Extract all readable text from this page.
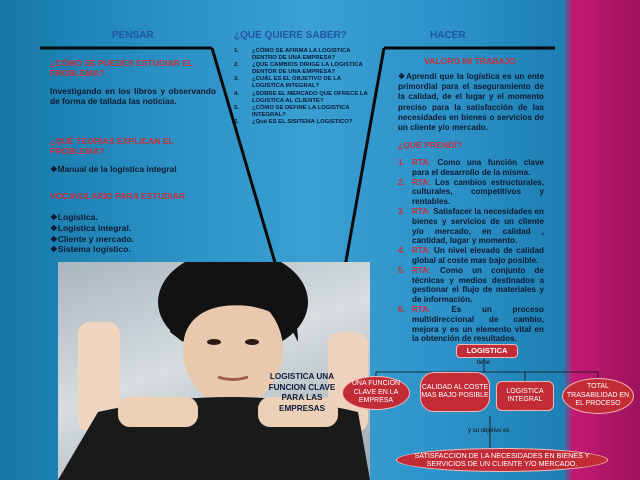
PENSAR	¿QUE QUIERE SABER?	HACER
¿CÓMO SE PUEDES ESTUDIAR EL PROBLEMA?
Investigando en los libros y observando de forma de tallada las noticias.
¿QUÉ TEORIAS EXPLICAN EL PROBLEMA?
❖Manual de la logística integral
VOCAVULARIO PARA ESTUDIAR
❖Logística.
❖Logística integral.
❖Cliente y mercado.
❖Sistema logístico.
1. ¿CÓMO SE AFIRMA LA LOGISTICA DENTRO DE UNA EMPRESA?
2. ¿QUE CAMBIOS DIRIGE LA LOGISTICA DENTOR DE UNA EMPRESA?
3. ¿CUÁL ES EL OBJETIVO DE LA LOGISTICA INTEGRAL?
4. ¿SOBRE EL MERCADO QUE OFRECE LA LOGISTICA AL CLIENTE?
5. ¿CÓMO SE DEFINE LA LOGISTICA INTEGRAL?
6. ¿Qué ES EL SISITEMA LOGISTICO?
LOGISTICA UNA FUNCION CLAVE PARA LAS EMPRESAS
VALORO MI TRABAJO
❖Aprendí que la logística es un ente primordial para el aseguramiento de la calidad, de el lugar y el momento preciso para la satisfacción de las necesidades en bienes o servicios de un cliente y/o mercado.
¿QUÉ PRENDÍ?
1. RTA: Como una función clave para el desarrollo de la misma.
2. RTA: Los cambios estructurales, culturales, competitivos y rentables.
3. RTA: Satisfacer la necesidades en bienes y servicios de un cliente y/o mercado, en calidad , cantidad, lugar y momento.
4. RTA: Un nivel elevado de calidad global al coste mas bajo posible.
5. RTA: Como un conjunto de técnicas y medios destinados a gestionar el flujo de materiales y de información.
6. RTA:	Es un proceso multidireccional de cambio, mejora y es un elemento vital en la obtención de resultados.
LOGISTICA
tiene
UNA FUNCION CLAVE EN LA EMPRESA
CALIDAD AL COSTE MAS BAJO POSIBLE
LOGISTICA INTEGRAL
TOTAL TRASABILIDAD EN EL PROCESO
y su objetivo es
SATISFACCION DE LA NECESIDADES EN BIENES Y SERVICIOS DE UN CLIENTE Y/O MERCADO.
